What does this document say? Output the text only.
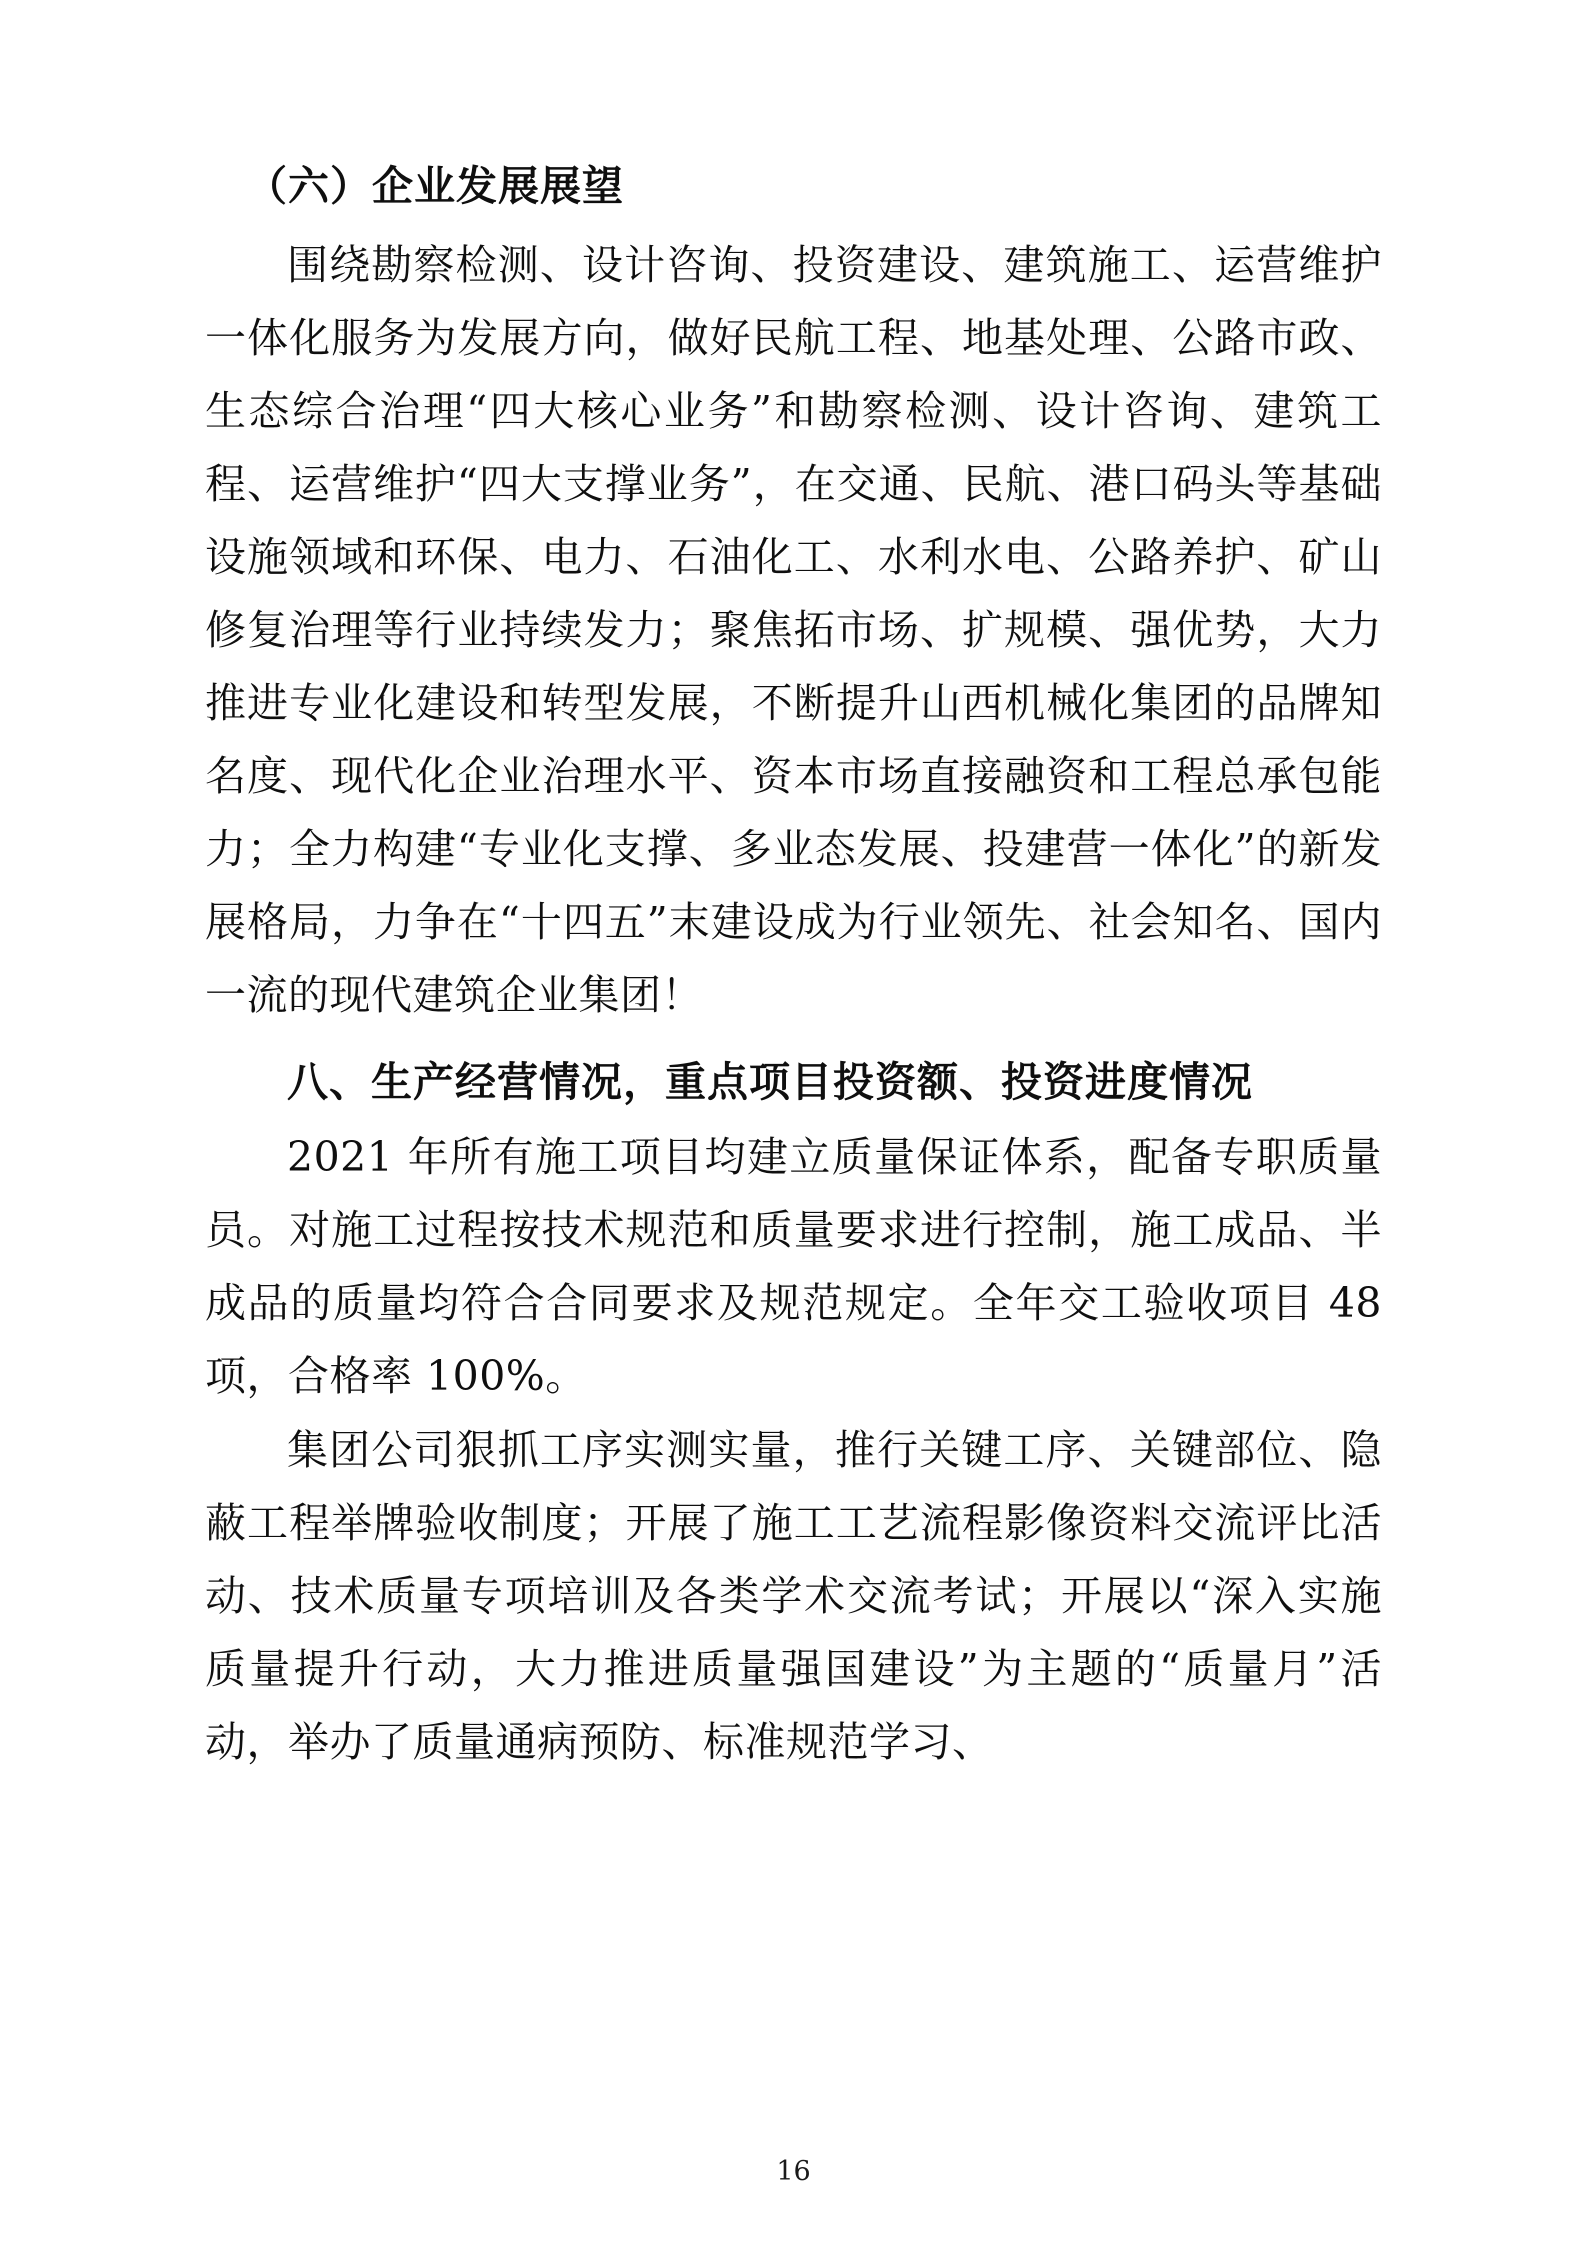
（六）企业发展展望

围绕勘察检测、设计咨询、投资建设、建筑施工、运营维护一体化服务为发展方向，做好民航工程、地基处理、公路市政、生态综合治理“四大核心业务”和勘察检测、设计咨询、建筑工程、运营维护“四大支撑业务”，在交通、民航、港口码头等基础设施领域和环保、电力、石油化工、水利水电、公路养护、矿山修复治理等行业持续发力；聚焦拓市场、扩规模、强优势，大力推进专业化建设和转型发展，不断提升山西机械化集团的品牌知名度、现代化企业治理水平、资本市场直接融资和工程总承包能力；全力构建“专业化支撑、多业态发展、投建营一体化”的新发展格局，力争在“十四五”末建设成为行业领先、社会知名、国内一流的现代建筑企业集团！

八、生产经营情况，重点项目投资额、投资进度情况

2021 年所有施工项目均建立质量保证体系，配备专职质量员。对施工过程按技术规范和质量要求进行控制，施工成品、半成品的质量均符合合同要求及规范规定。全年交工验收项目 48 项，合格率 100%。

集团公司狠抓工序实测实量，推行关键工序、关键部位、隐蔽工程举牌验收制度；开展了施工工艺流程影像资料交流评比活动、技术质量专项培训及各类学术交流考试；开展以“深入实施质量提升行动，大力推进质量强国建设”为主题的“质量月”活动，举办了质量通病预防、标准规范学习、

16
